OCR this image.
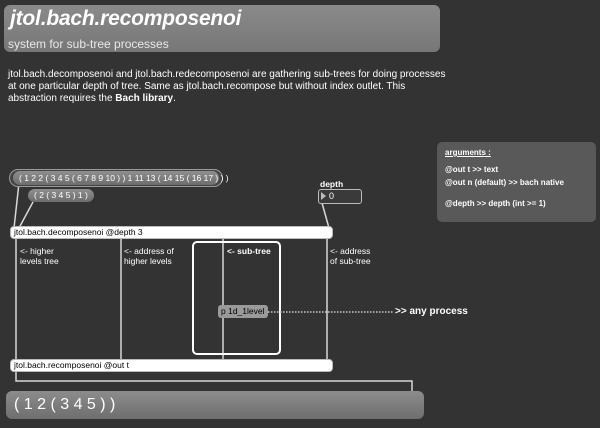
jtol.bach.recomposenoi
system for sub-tree processes
jtol.bach.decomposenoi and jtol.bach.redecomposenoi are gathering sub-trees for doing processes at one particular depth of tree. Same as jtol.bach.recompose but without index outlet. This abstraction requires the Bach library.
( 1 2 2 ( 3 4 5 ( 6 7 8 9 10 ) ) 1 11 13 ( 14 15 ( 16 17 ) ) )
( 2 ( 3 4 5 ) 1 )
depth
0
jtol.bach.decomposenoi @depth 3
<- higher
levels tree
<- address of
higher levels
<- sub-tree	<- address
of sub-tree
p 1d_1level	>> any process
jtol.bach.recomposenoi @out t
( 1 2 ( 3 4 5 ) )
arguments :
@out t >> text
@out n (default) >> bach native
@depth >> depth (int >= 1)
